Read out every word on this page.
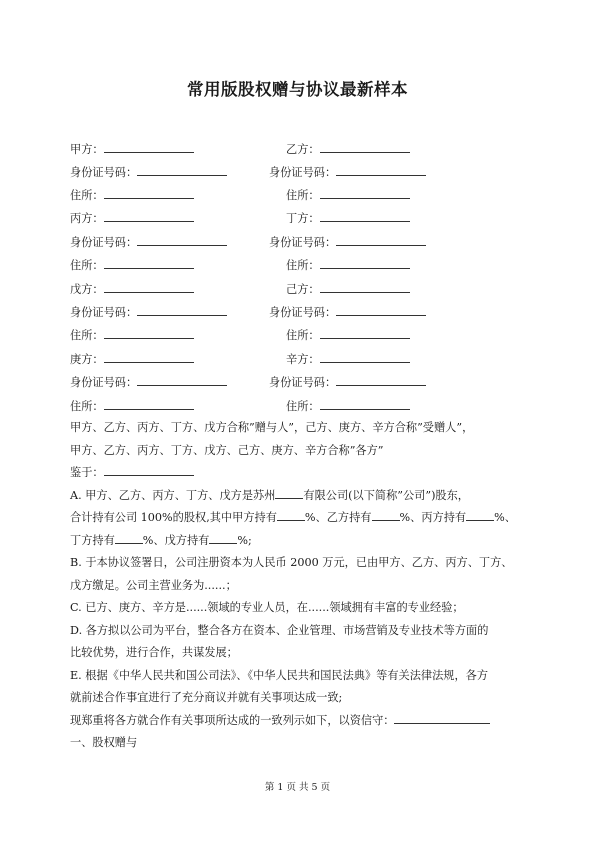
常用版股权赠与协议最新样本
甲方：	乙方：
身份证号码：	身份证号码：
住所：	住所：
丙方：	丁方：
身份证号码：	身份证号码：
住所：	住所：
戊方：	己方：
身份证号码：	身份证号码：
住所：	住所：
庚方：	辛方：
身份证号码：	身份证号码：
住所：	住所：
甲方、乙方、丙方、丁方、戊方合称”赠与人”，己方、庚方、辛方合称”受赠人”，
甲方、乙方、丙方、丁方、戊方、己方、庚方、辛方合称”各方”
鉴于：
A. 甲方、乙方、丙方、丁方、戊方是苏州	有限公司(以下简称”公司”)股东，
合计持有公司 100%的股权,其中甲方持有	%、乙方持有	%、丙方持有	%、
丁方持有	%、戊方持有	%;
B. 于本协议签署日，公司注册资本为人民币 2000 万元，已由甲方、乙方、丙方、丁方、
戊方缴足。公司主营业务为......；
C. 已方、庚方、辛方是......领域的专业人员，在......领域拥有丰富的专业经验；
D. 各方拟以公司为平台，整合各方在资本、企业管理、市场营销及专业技术等方面的
比较优势，进行合作，共谋发展；
E. 根据《中华人民共和国公司法》、《中华人民共和国民法典》等有关法律法规，各方
就前述合作事宜进行了充分商议并就有关事项达成一致;
现郑重将各方就合作有关事项所达成的一致列示如下，以资信守：
一、股权赠与
第 1 页 共 5 页
